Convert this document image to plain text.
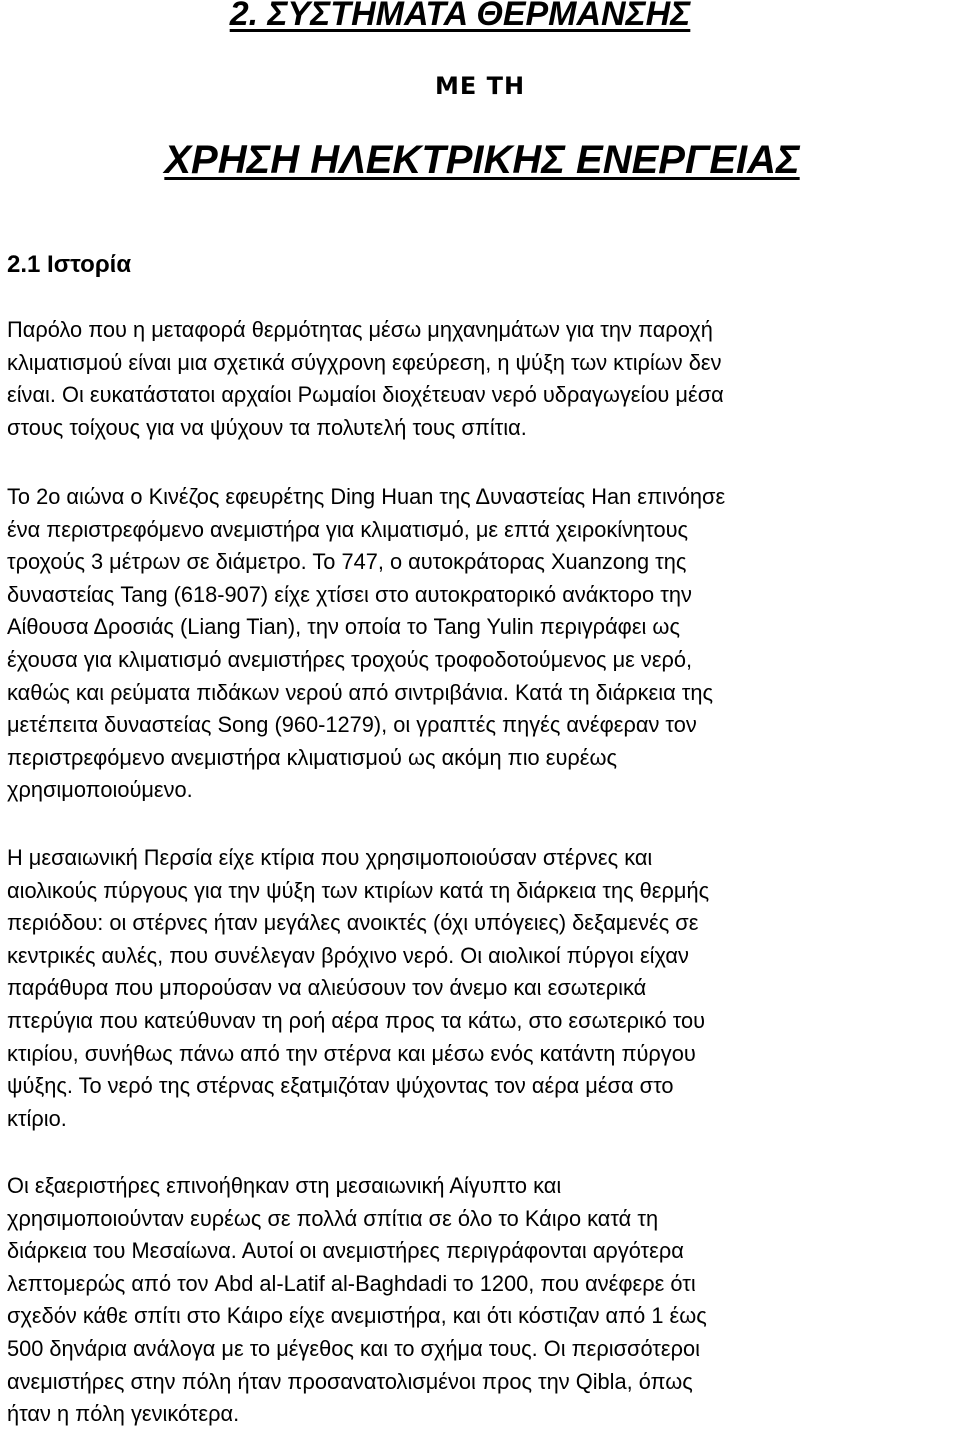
2. ΣΥΣΤΗΜΑΤΑ ΘΕΡΜΑΝΣΗΣ
ΜΕ ΤΗ
ΧΡΗΣΗ ΗΛΕΚΤΡΙΚΗΣ ΕΝΕΡΓΕΙΑΣ
2.1 Ιστορία

Παρόλο που η μεταφορά θερμότητας μέσω μηχανημάτων για την παροχή
κλιματισμού είναι μια σχετικά σύγχρονη εφεύρεση, η ψύξη των κτιρίων δεν
είναι. Οι ευκατάστατοι αρχαίοι Ρωμαίοι διοχέτευαν νερό υδραγωγείου μέσα
στους τοίχους για να ψύχουν τα πολυτελή τους σπίτια.

Το 2ο αιώνα ο Κινέζος εφευρέτης Ding Huan της Δυναστείας Han επινόησε
ένα περιστρεφόμενο ανεμιστήρα για κλιματισμό, με επτά χειροκίνητους
τροχούς 3 μέτρων σε διάμετρο. Το 747, ο αυτοκράτορας Xuanzong της
δυναστείας Tang (618-907) είχε χτίσει στο αυτοκρατορικό ανάκτορο την
Αίθουσα Δροσιάς (Liang Tian), την οποία το Tang Yulin περιγράφει ως
έχουσα για κλιματισμό ανεμιστήρες τροχούς τροφοδοτούμενος με νερό,
καθώς και ρεύματα πιδάκων νερού από σιντριβάνια. Κατά τη διάρκεια της
μετέπειτα δυναστείας Song (960-1279), οι γραπτές πηγές ανέφεραν τον
περιστρεφόμενο ανεμιστήρα κλιματισμού ως ακόμη πιο ευρέως
χρησιμοποιούμενο.

Η μεσαιωνική Περσία είχε κτίρια που χρησιμοποιούσαν στέρνες και
αιολικούς πύργους για την ψύξη των κτιρίων κατά τη διάρκεια της θερμής
περιόδου: οι στέρνες ήταν μεγάλες ανοικτές (όχι υπόγειες) δεξαμενές σε
κεντρικές αυλές, που συνέλεγαν βρόχινο νερό. Οι αιολικοί πύργοι είχαν
παράθυρα που μπορούσαν να αλιεύσουν τον άνεμο και εσωτερικά
πτερύγια που κατεύθυναν τη ροή αέρα προς τα κάτω, στο εσωτερικό του
κτιρίου, συνήθως πάνω από την στέρνα και μέσω ενός κατάντη πύργου
ψύξης. Το νερό της στέρνας εξατμιζόταν ψύχοντας τον αέρα μέσα στο
κτίριο.

Οι εξαεριστήρες επινοήθηκαν στη μεσαιωνική Αίγυπτο και
χρησιμοποιούνταν ευρέως σε πολλά σπίτια σε όλο το Κάιρο κατά τη
διάρκεια του Μεσαίωνα. Αυτοί οι ανεμιστήρες περιγράφονται αργότερα
λεπτομερώς από τον Abd al-Latif al-Baghdadi το 1200, που ανέφερε ότι
σχεδόν κάθε σπίτι στο Κάιρο είχε ανεμιστήρα, και ότι κόστιζαν από 1 έως
500 δηνάρια ανάλογα με το μέγεθος και το σχήμα τους. Οι περισσότεροι
ανεμιστήρες στην πόλη ήταν προσανατολισμένοι προς την Qibla, όπως
ήταν η πόλη γενικότερα.
